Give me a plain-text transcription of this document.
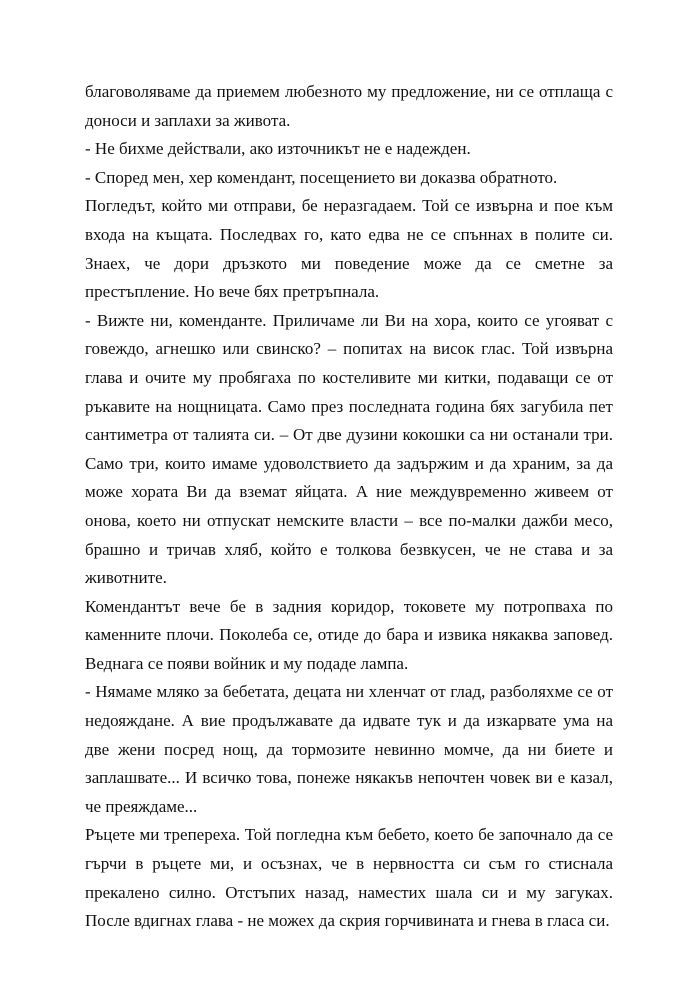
благоволяваме да приемем любезното му предложение, ни се отплаща с доноси и заплахи за живота.

- Не бихме действали, ако източникът не е надежден.

- Според мен, хер комендант, посещението ви доказва обратното.

Погледът, който ми отправи, бе неразгадаем. Той се извърна и пое към входа на къщата. Последвах го, като едва не се спъннах в полите си. Знаех, че дори дръзкото ми поведение може да се сметне за престъпление. Но вече бях претръпнала.

- Вижте ни, коменданте. Приличаме ли Ви на хора, които се угояват с говеждо, агнешко или свинско? – попитах на висок глас. Той извърна глава и очите му пробягаха по костеливите ми китки, подаващи се от ръкавите на нощницата. Само през последната година бях загубила пет сантиметра от талията си. – От две дузини кокошки са ни останали три. Само три, които имаме удоволствието да задържим и да храним, за да може хората Ви да вземат яйцата. А ние междувременно живеем от онова, което ни отпускат немските власти – все по-малки дажби месо, брашно и тричав хляб, който е толкова безвкусен, че не става и за животните.

Комендантът вече бе в задния коридор, токовете му потропваха по каменните плочи. Поколеба се, отиде до бара и извика някаква заповед. Веднага се появи войник и му подаде лампа.

- Нямаме мляко за бебетата, децата ни хленчат от глад, разболяхме се от недояждане. А вие продължавате да идвате тук и да изкарвате ума на две жени посред нощ, да тормозите невинно момче, да ни биете и заплашвате... И всичко това, понеже някакъв непочтен човек ви е казал, че преяждаме...

Ръцете ми трепереха. Той погледна към бебето, което бе започнало да се гърчи в ръцете ми, и осъзнах, че в нервността си съм го стиснала прекалено силно. Отстъпих назад, наместих шала си и му загуках. После вдигнах глава - не можех да скрия горчивината и гнева в гласа си.
